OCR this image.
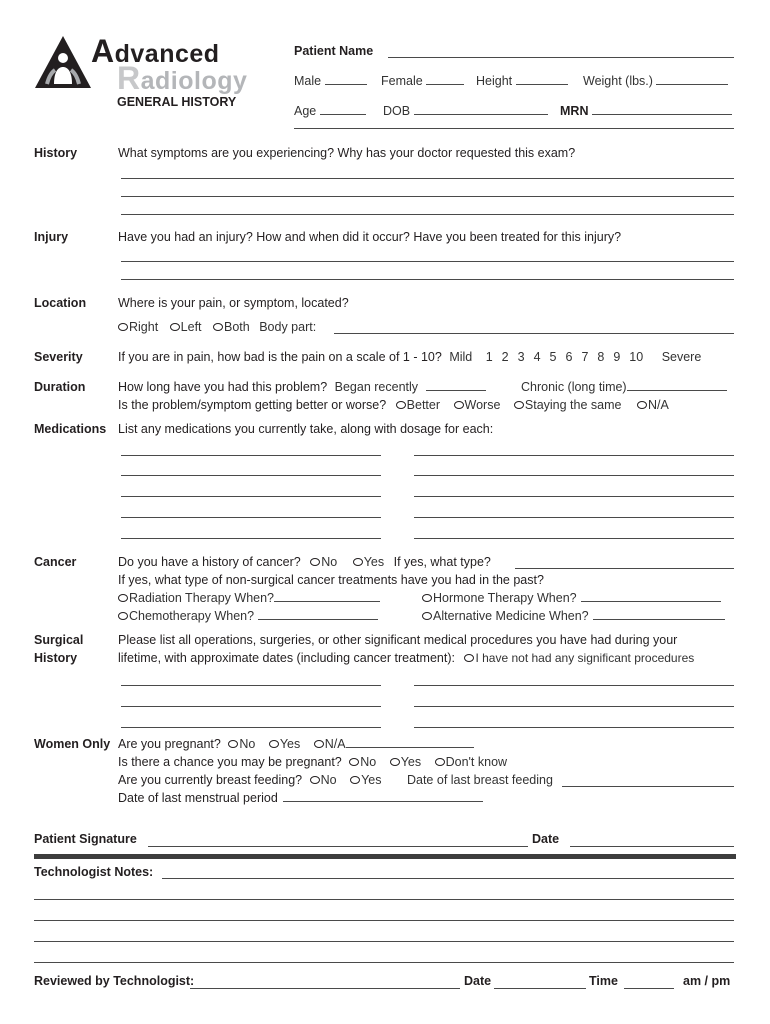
Advanced
Radiology
GENERAL HISTORY
Patient Name
Male	Female	Height	Weight (lbs.)
Age	DOB	MRN
History	What symptoms are you experiencing? Why has your doctor requested this exam?
Injury	Have you had an injury? How and when did it occur? Have you been treated for this injury?
Location	Where is your pain, or symptom, located?
Right Left Both Body part:
Severity	If you are in pain, how bad is the pain on a scale of 1 - 10? Mild 1 2 3 4 5 6 7 8 9 10 Severe
Duration	How long have you had this problem? Began recently	Chronic (long time)
Is the problem/symptom getting better or worse? Better Worse Staying the same N/A
Medications List any medications you currently take, along with dosage for each:
Cancer	Do you have a history of cancer? No Yes If yes, what type?
If yes, what type of non-surgical cancer treatments have you had in the past?
Radiation Therapy When?	Hormone Therapy When?
Chemotherapy When?	Alternative Medicine When?
Surgical
History
Please list all operations, surgeries, or other significant medical procedures you have had during your
lifetime, with approximate dates (including cancer treatment): I have not had any significant procedures
Women Only Are you pregnant? No Yes N/A
Is there a chance you may be pregnant? No Yes Don't know
Are you currently breast feeding? No Yes Date of last breast feeding
Date of last menstrual period
Patient Signature	Date
Technologist Notes:
Reviewed by Technologist:	Date	Time	am / pm
